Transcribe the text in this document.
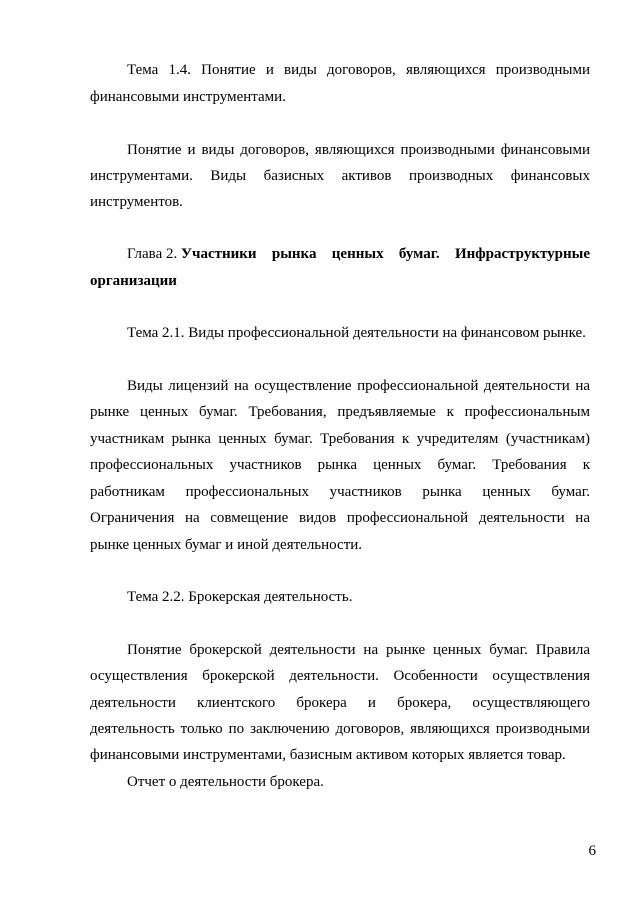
Тема 1.4. Понятие и виды договоров, являющихся производными
финансовыми инструментами.
Понятие и виды договоров, являющихся производными финансовыми
инструментами. Виды базисных активов производных финансовых
инструментов.
Глава 2. Участники рынка ценных бумаг. Инфраструктурные
организации
Тема 2.1. Виды профессиональной деятельности на финансовом рынке.
Виды лицензий на осуществление профессиональной деятельности на
рынке ценных бумаг. Требования, предъявляемые к профессиональным
участникам рынка ценных бумаг. Требования к учредителям (участникам)
профессиональных участников рынка ценных бумаг. Требования к
работникам профессиональных участников рынка ценных бумаг.
Ограничения на совмещение видов профессиональной деятельности на
рынке ценных бумаг и иной деятельности.
Тема 2.2. Брокерская деятельность.
Понятие брокерской деятельности на рынке ценных бумаг. Правила
осуществления брокерской деятельности. Особенности осуществления
деятельности клиентского брокера и брокера, осуществляющего
деятельность только по заключению договоров, являющихся производными
финансовыми инструментами, базисным активом которых является товар.
Отчет о деятельности брокера.
6
